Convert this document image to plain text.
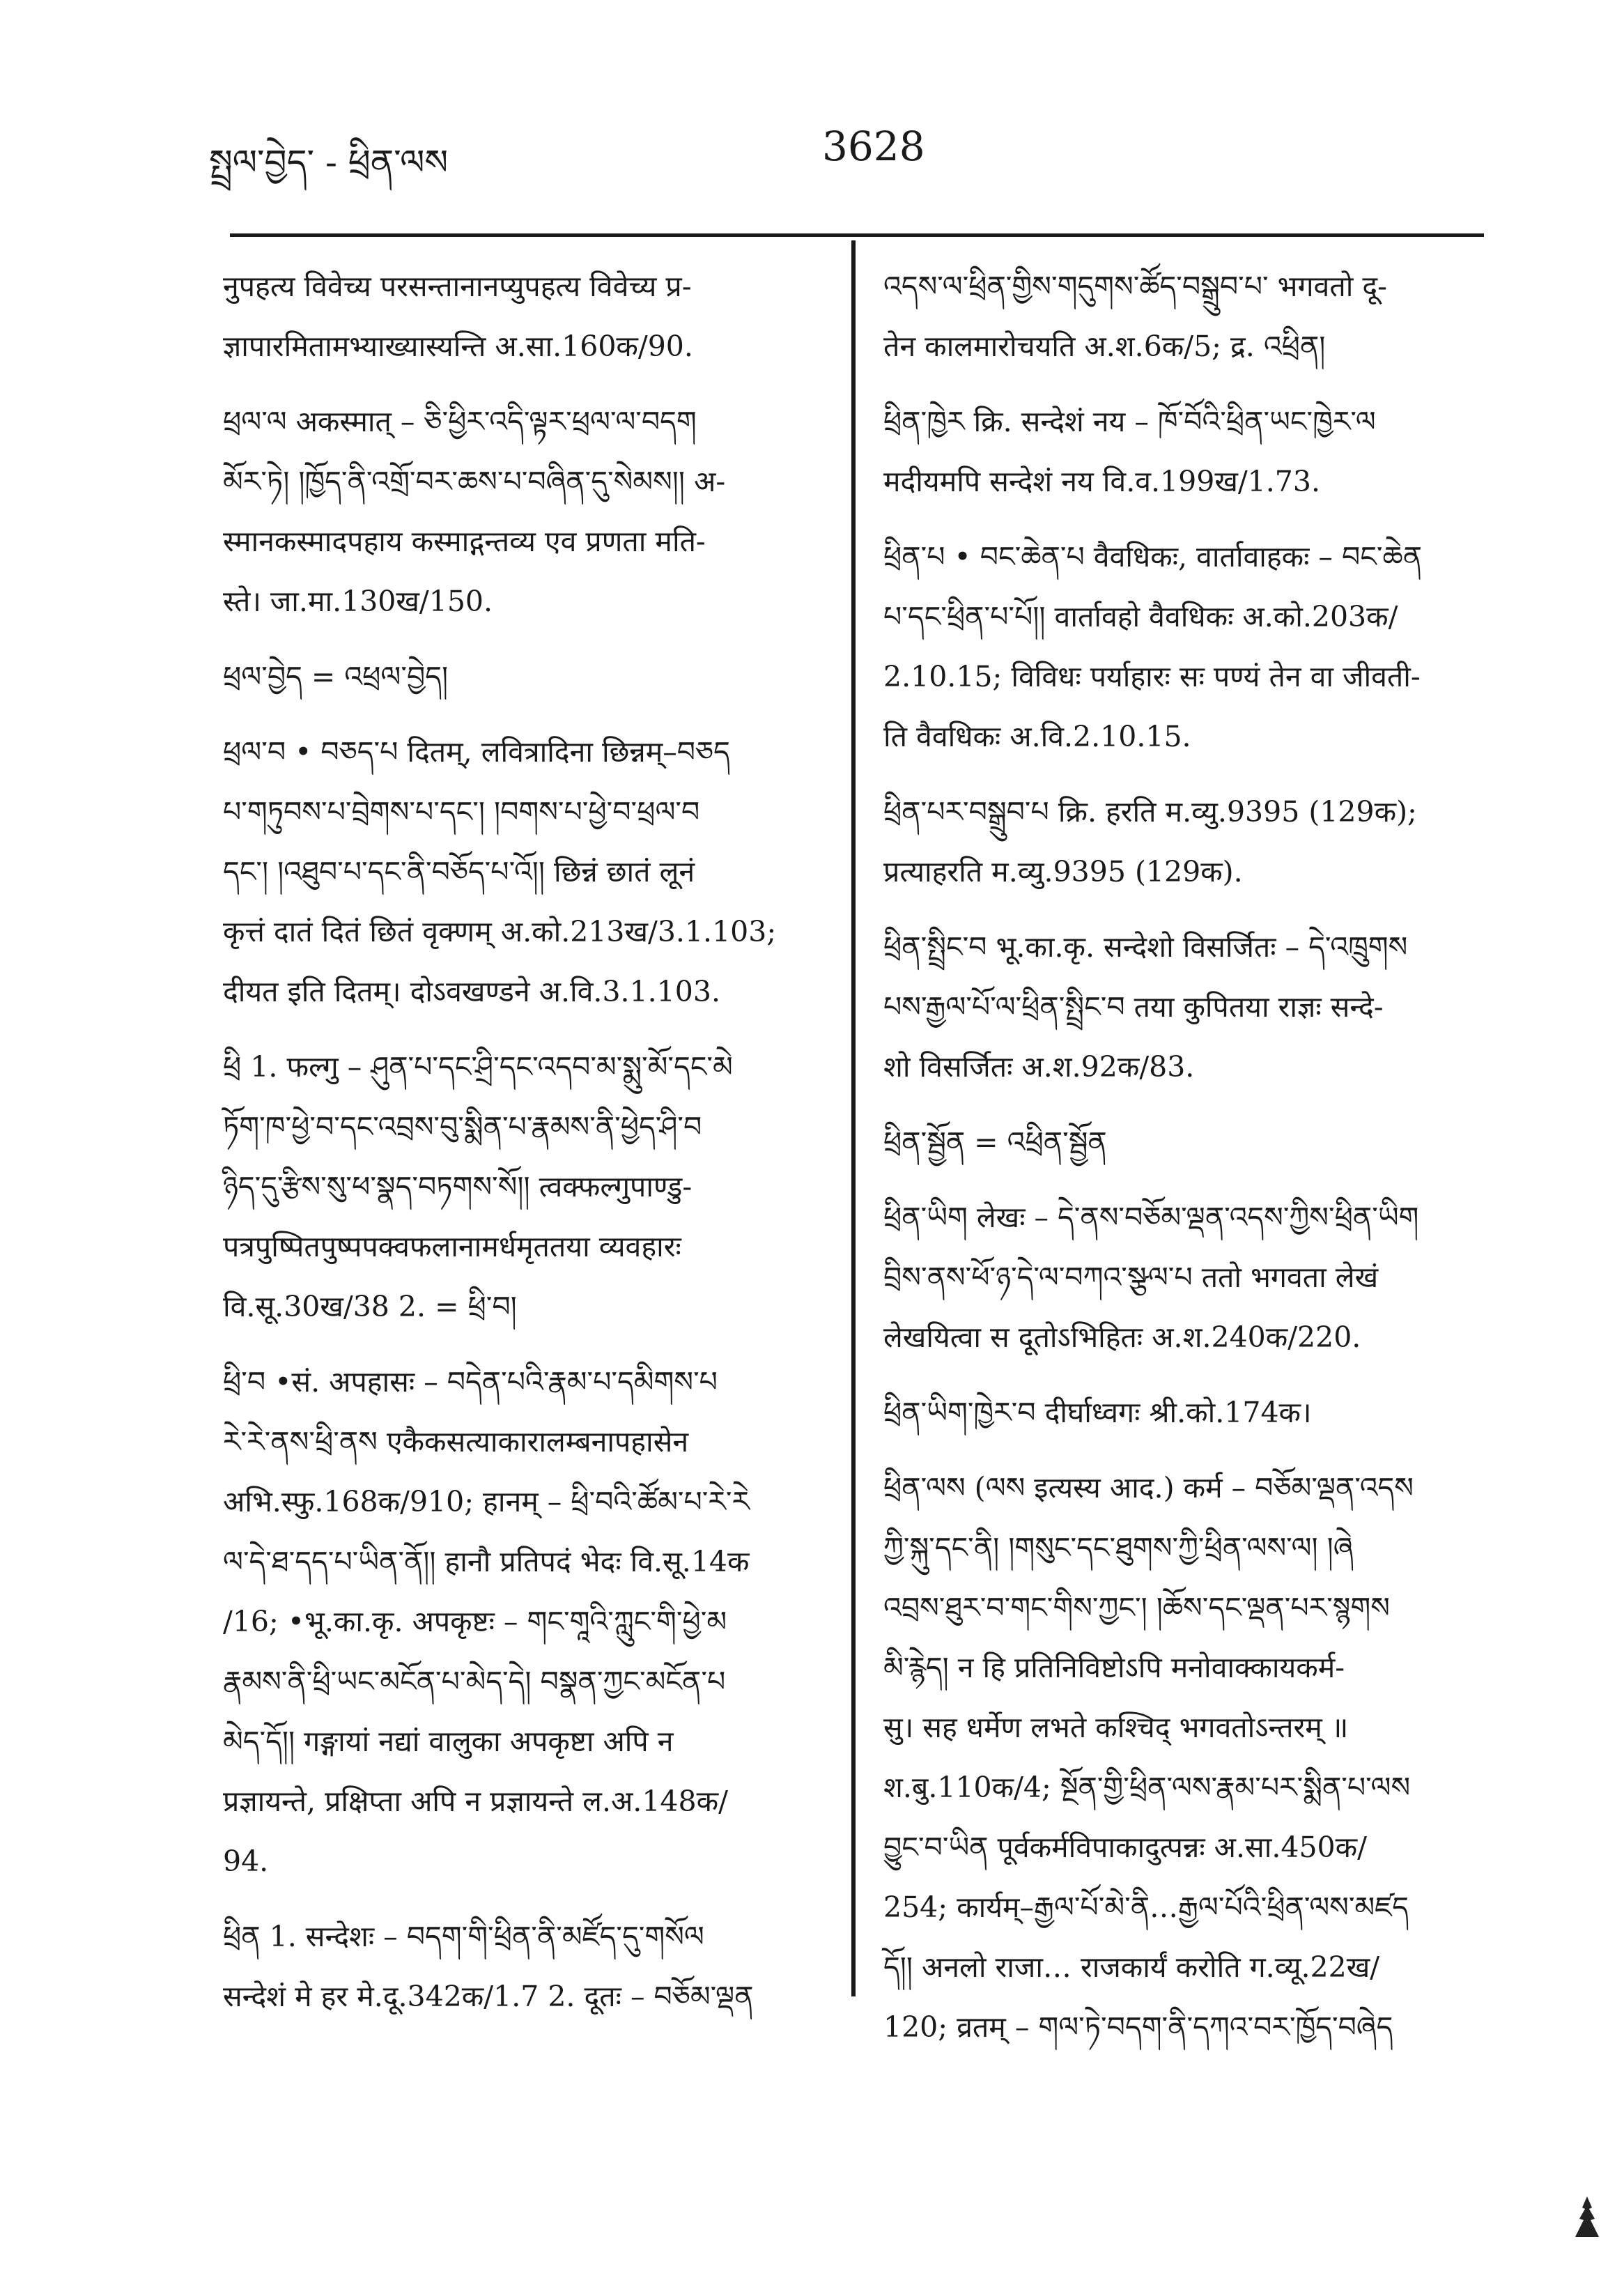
སྤྲལ་བྱེད་ - ཕྲིན་ལས	3628

नुपहत्य विवेच्य परसन्तानानप्युपहत्य विवेच्य प्र-

ज्ञापारमितामभ्याख्यास्यन्ति अ.सा.160क/90.

ཕྲལ་ལ अकस्मात् – ཅི་ཕྱིར་འདི་ལྟར་ཕྲལ་ལ་བདག

མོར་ཏེ། །ཁྱོད་ནི་འགྲོ་བར་ཆས་པ་བཞིན་དུ་སེམས།། अ-

स्मानकस्मादपहाय कस्माद्गन्तव्य एव प्रणता मति-

स्ते। जा.मा.130ख/150.

ཕྲལ་བྱེད = འཕྲལ་བྱེད།

ཕྲལ་བ • བཅད་པ दितम्, लवित्रादिना छिन्नम्–བཅད

པ་གཏུབས་པ་བྲེགས་པ་དང་། །བགས་པ་ཕྱེ་བ་ཕྲལ་བ

དང་། །འཐུབ་པ་དང་ནི་བཅོད་པ་འོ།། छिन्नं छातं लूनं

कृत्तं दातं दितं छितं वृक्णम् अ.को.213ख/3.1.103;

दीयत इति दितम्। दोऽवखण्डने अ.वि.3.1.103.

ཕྲི 1. फल्गु – ཤུན་པ་དང་ཤྲི་དང་འདབ་མ་སྨུ་མོ་དང་མེ

ཏོག་ཁ་ཕྱེ་བ་དང་འབྲས་བུ་སྨིན་པ་རྣམས་ནི་ཕྱེད་ཤི་བ

ཉིད་དུ་རྩིས་སུ་ཕ་སྣད་བཏགས་སོ།། त्वक्फल्गुपाण्डु-

पत्रपुष्पितपुष्पपक्वफलानामर्धमृततया व्यवहारः

वि.सू.30ख/38 2. = ཕྲི་བ།

ཕྲི་བ •सं. अपहासः – བདེན་པའི་རྣམ་པ་དམིགས་པ

རེ་རེ་ནས་ཕྲི་ནས एकैकसत्याकारालम्बनापहासेन

अभि.स्फु.168क/910; हानम् – ཕྲི་བའི་ཚོམ་པ་རེ་རེ

ལ་དེ་ཐ་དད་པ་ཡིན་ནོ།། हानौ प्रतिपदं भेदः वि.सू.14क

/16; •भू.का.कृ. अपकृष्टः – གང་གཱའི་ཀླུང་གི་ཕྱེ་མ

རྣམས་ནི་ཕྲི་ཡང་མངོན་པ་མེད་དེ། བསྣན་ཀྱང་མངོན་པ

མེད་དོ།། गङ्गायां नद्यां वालुका अपकृष्टा अपि न

प्रज्ञायन्ते, प्रक्षिप्ता अपि न प्रज्ञायन्ते ल.अ.148क/

94.

ཕྲིན 1. सन्देशः – བདག་གི་ཕྲིན་ནི་མཛོད་དུ་གསོལ

सन्देशं मे हर मे.दू.342क/1.7 2. दूतः – བཅོམ་ལྡན

འདས་ལ་ཕྲིན་གྱིས་གདུགས་ཚོད་བསྒྲུབ་པ་ भगवतो दू-

तेन कालमारोचयति अ.श.6क/5; द्र. འཕྲིན།

ཕྲིན་ཁྱེར क्रि. सन्देशं नय – ཁོ་བོའི་ཕྲིན་ཡང་ཁྱེར་ལ

मदीयमपि सन्देशं नय वि.व.199ख/1.73.

ཕྲིན་པ • བང་ཆེན་པ वैवधिकः, वार्तावाहकः – བང་ཆེན

པ་དང་ཕྲིན་པ་པོ།། वार्तावहो वैवधिकः अ.को.203क/

2.10.15; विविधः पर्याहारः सः पण्यं तेन वा जीवती-

ति वैवधिकः अ.वि.2.10.15.

ཕྲིན་པར་བསྒྲུབ་པ क्रि. हरति म.व्यु.9395 (129क);

प्रत्याहरति म.व्यु.9395 (129क).

ཕྲིན་སྤྲིང་བ भू.का.कृ. सन्देशो विसर्जितः – དེ་འཁྲུགས

པས་རྒྱལ་པོ་ལ་ཕྲིན་སྤྲིང་བ तया कुपितया राज्ञः सन्दे-

शो विसर्जितः अ.श.92क/83.

ཕྲིན་སྦྱོན = འཕྲིན་སྦྱོན

ཕྲིན་ཡིག लेखः – དེ་ནས་བཅོམ་ལྡན་འདས་ཀྱིས་ཕྲིན་ཡིག

བྲིས་ནས་ཕོ་ཉ་དེ་ལ་བཀའ་སྩལ་པ ततो भगवता लेखं

लेखयित्वा स दूतोऽभिहितः अ.श.240क/220.

ཕྲིན་ཡིག་ཁྱེར་བ दीर्घाध्वगः श्री.को.174क।

ཕྲིན་ལས (ལས इत्यस्य आद.) कर्म – བཅོམ་ལྡན་འདས

ཀྱི་སྐུ་དང་ནི། །གསུང་དང་ཐུགས་ཀྱི་ཕྲིན་ལས་ལ། །ཞེ

འབྲས་ཐུར་བ་གང་གིས་ཀྱང་། །ཆོས་དང་ལྡན་པར་སྙགས

མི་རྙེད། न हि प्रतिनिविष्टोऽपि मनोवाक्कायकर्म-

सु। सह धर्मेण लभते कश्चिद् भगवतोऽन्तरम् ॥

श.बु.110क/4; སྔོན་གྱི་ཕྲིན་ལས་རྣམ་པར་སྨིན་པ་ལས

བྱུང་བ་ཡིན पूर्वकर्मविपाकादुत्पन्नः अ.सा.450क/

254; कार्यम्–རྒྱལ་པོ་མེ་ནི…རྒྱལ་པོའི་ཕྲིན་ལས་མཛད

དོ།། अनलो राजा… राजकार्यं करोति ग.व्यू.22ख/

120; व्रतम् – གལ་ཏེ་བདག་ནི་དཀའ་བར་ཁྱོད་བཞེད
